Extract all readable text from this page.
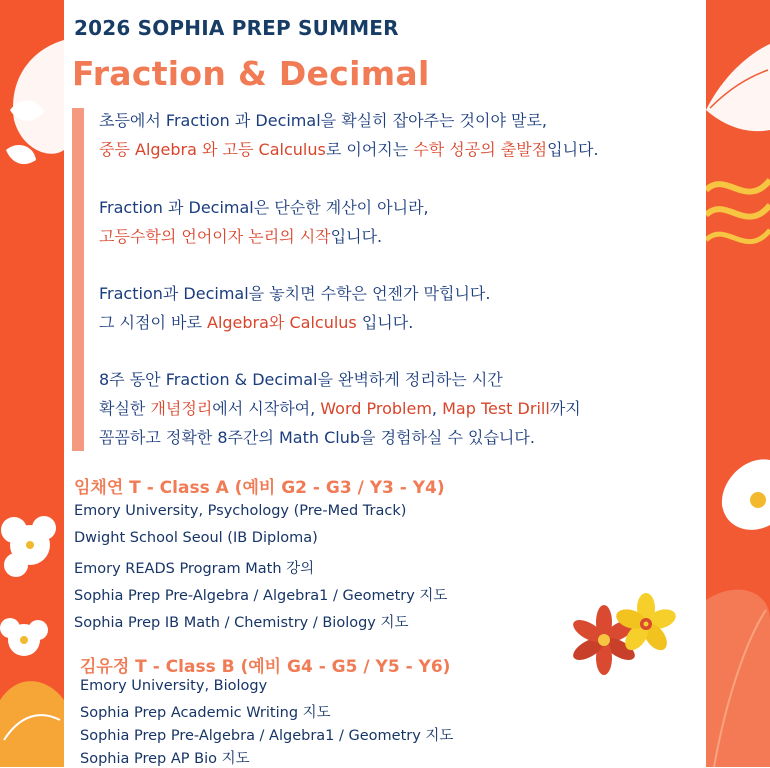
2026 SOPHIA PREP SUMMER
Fraction & Decimal
초등에서 Fraction 과 Decimal을 확실히 잡아주는 것이야 말로,
중등 Algebra 와 고등 Calculus로 이어지는 수학 성공의 출발점입니다.
Fraction 과 Decimal은 단순한 계산이 아니라,
고등수학의 언어이자 논리의 시작입니다.
Fraction과 Decimal을 놓치면 수학은 언젠가 막힙니다.
그 시점이 바로 Algebra와 Calculus 입니다.
8주 동안 Fraction & Decimal을 완벽하게 정리하는 시간
확실한 개념정리에서 시작하여, Word Problem, Map Test Drill까지
꼼꼼하고 정확한 8주간의 Math Club을 경험하실 수 있습니다.
임채연 T - Class A (예비 G2 - G3 / Y3 - Y4)
Emory University, Psychology (Pre-Med Track)
Dwight School Seoul (IB Diploma)
Emory READS Program Math 강의
Sophia Prep Pre-Algebra / Algebra1 / Geometry 지도
Sophia Prep IB Math / Chemistry / Biology 지도
김유정 T - Class B (예비 G4 - G5 / Y5 - Y6)
Emory University, Biology
Sophia Prep Academic Writing 지도
Sophia Prep Pre-Algebra / Algebra1 / Geometry 지도
Sophia Prep AP Bio 지도
